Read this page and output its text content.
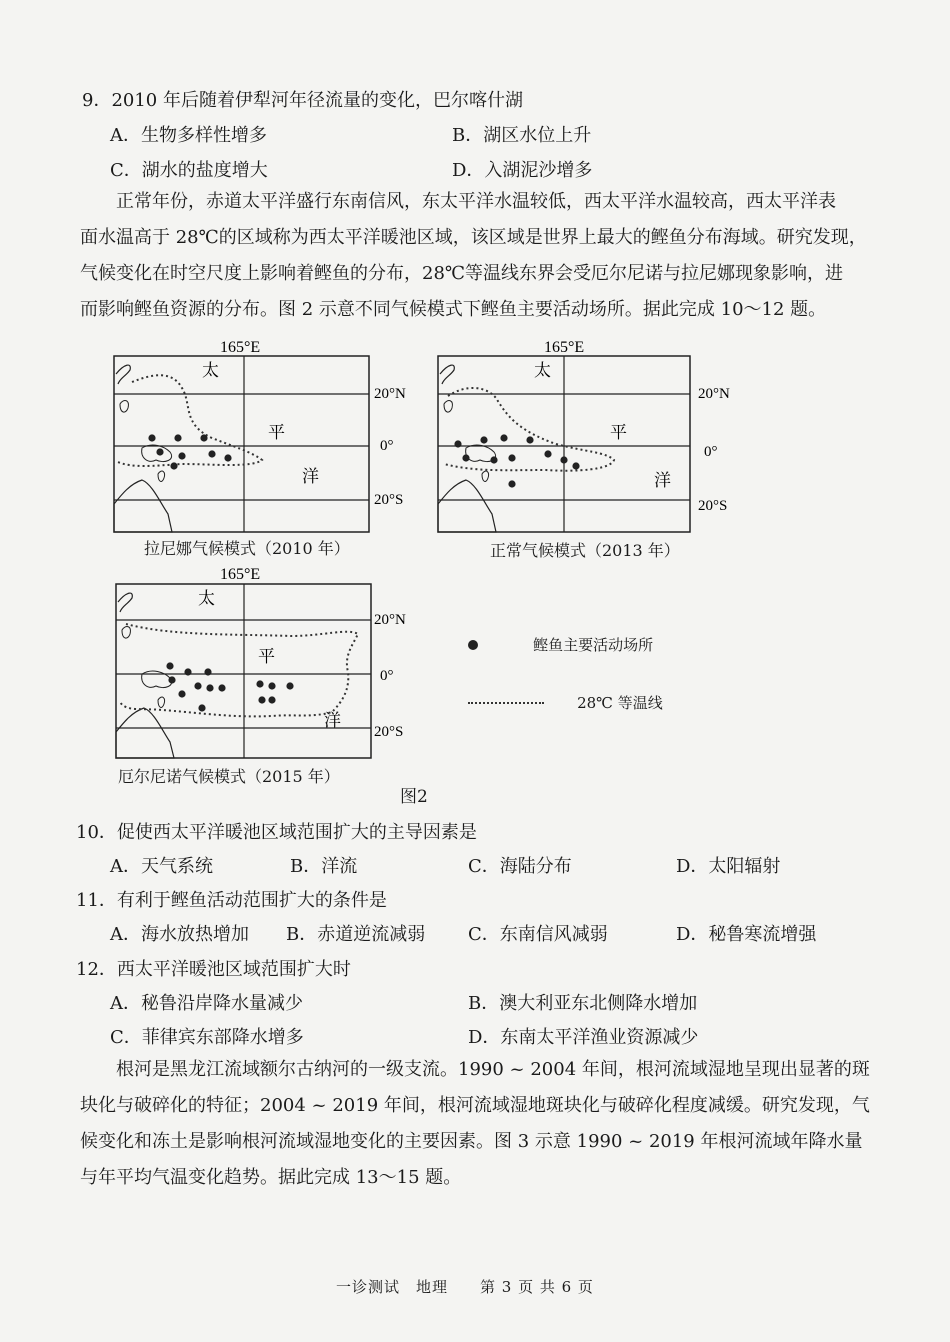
9．2010 年后随着伊犁河年径流量的变化，巴尔喀什湖
A．生物多样性增多	B．湖区水位上升
C．湖水的盐度增大	D．入湖泥沙增多

正常年份，赤道太平洋盛行东南信风，东太平洋水温较低，西太平洋水温较高，西太平洋表

面水温高于 28℃的区域称为西太平洋暖池区域，该区域是世界上最大的鲣鱼分布海域。研究发现，

气候变化在时空尺度上影响着鲣鱼的分布，28℃等温线东界会受厄尔尼诺与拉尼娜现象影响，进

而影响鲣鱼资源的分布。图 2 示意不同气候模式下鲣鱼主要活动场所。据此完成 10～12 题。

165°E
20°N
0°
20°S
太
平
洋
拉尼娜气候模式（2010 年）
165°E
20°N
0°
20°S
太
平
洋
正常气候模式（2013 年）
165°E
20°N
0°
20°S
太
平
洋
厄尔尼诺气候模式（2015 年）
鲣鱼主要活动场所
28℃ 等温线
图2
10．促使西太平洋暖池区域范围扩大的主导因素是
A．天气系统	B．洋流	C．海陆分布	D．太阳辐射
11．有利于鲣鱼活动范围扩大的条件是
A．海水放热增加 B．赤道逆流减弱 C．东南信风减弱	D．秘鲁寒流增强
12．西太平洋暖池区域范围扩大时
A．秘鲁沿岸降水量减少	B．澳大利亚东北侧降水增加
C．菲律宾东部降水增多	D．东南太平洋渔业资源减少

根河是黑龙江流域额尔古纳河的一级支流。1990 ~ 2004 年间，根河流域湿地呈现出显著的斑

块化与破碎化的特征；2004 ~ 2019 年间，根河流域湿地斑块化与破碎化程度减缓。研究发现，气

候变化和冻土是影响根河流域湿地变化的主要因素。图 3 示意 1990 ~ 2019 年根河流域年降水量

与年平均气温变化趋势。据此完成 13～15 题。

一诊测试　地理　　第 3 页 共 6 页
